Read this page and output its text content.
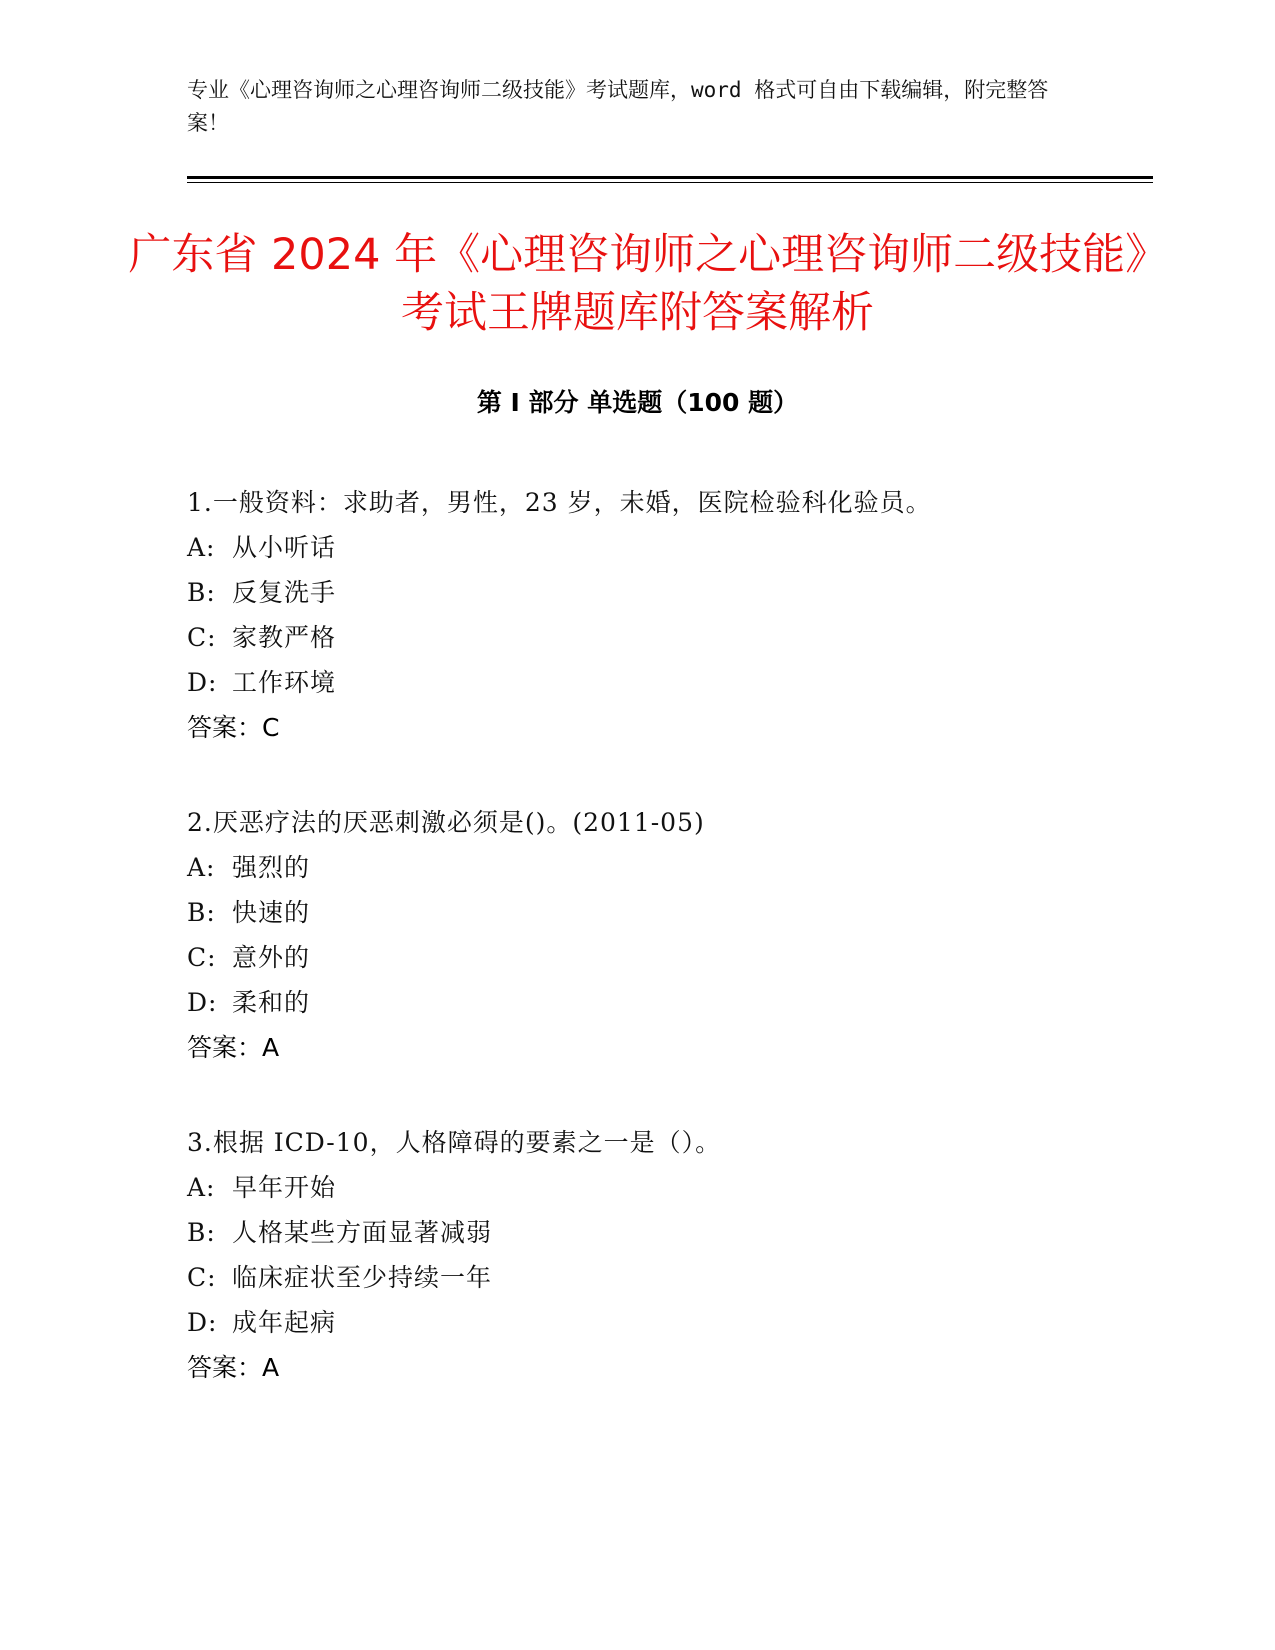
专业《心理咨询师之心理咨询师二级技能》考试题库，word 格式可自由下载编辑，附完整答案！
广东省 2024 年《心理咨询师之心理咨询师二级技能》考试王牌题库附答案解析
第 I 部分 单选题（100 题）
1.一般资料：求助者，男性，23 岁，未婚，医院检验科化验员。
A: 从小听话
B: 反复洗手
C: 家教严格
D: 工作环境
答案：C
2.厌恶疗法的厌恶刺激必须是()。(2011-05)
A: 强烈的
B: 快速的
C: 意外的
D: 柔和的
答案：A
3.根据 ICD-10，人格障碍的要素之一是（）。
A: 早年开始
B: 人格某些方面显著减弱
C: 临床症状至少持续一年
D: 成年起病
答案：A
